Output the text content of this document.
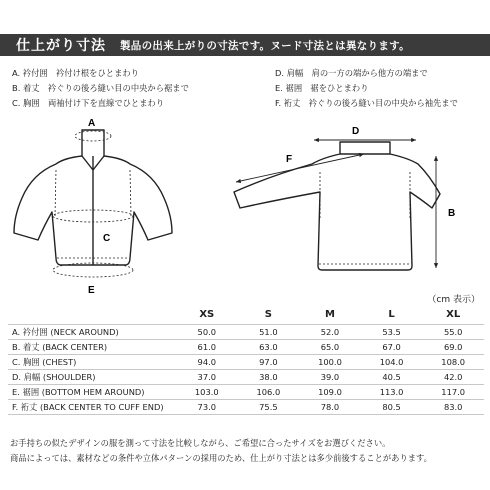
仕上がり寸法 製品の出来上がりの寸法です。ヌード寸法とは異なります。
A. 衿付囲　衿付け根をひとまわり
B. 着丈　衿ぐりの後ろ縫い目の中央から裾まで
C. 胸囲　両袖付け下を直線でひとまわり
D. 肩幅　肩の一方の端から他方の端まで
E. 裾囲　裾をひとまわり
F. 裄丈　衿ぐりの後ろ縫い目の中央から袖先まで
A
C
E
D
F
B
（cm 表示）
	XS	S	M	L	XL
A. 衿付囲 (NECK AROUND)	50.0	51.0	52.0	53.5	55.0
B. 着丈 (BACK CENTER)	61.0	63.0	65.0	67.0	69.0
C. 胸囲 (CHEST)	94.0	97.0	100.0	104.0	108.0
D. 肩幅 (SHOULDER)	37.0	38.0	39.0	40.5	42.0
E. 裾囲 (BOTTOM HEM AROUND)	103.0	106.0	109.0	113.0	117.0
F. 裄丈 (BACK CENTER TO CUFF END)	73.0	75.5	78.0	80.5	83.0
お手持ちの似たデザインの服を測って寸法を比較しながら、ご希望に合ったサイズをお選びください。
商品によっては、素材などの条件や立体パターンの採用のため、仕上がり寸法とは多少前後することがあります。
